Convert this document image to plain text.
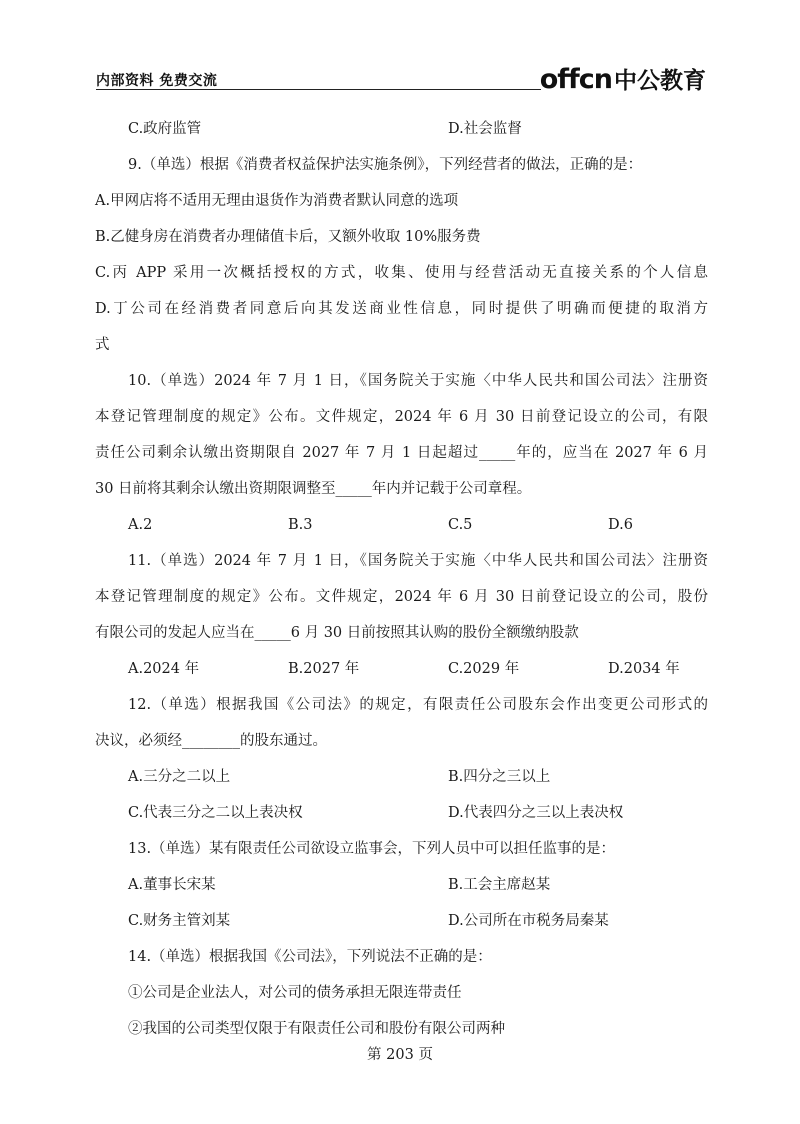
内部资料 免费交流	offcn中公教育
C.政府监管	D.社会监督
9.（单选）根据《消费者权益保护法实施条例》，下列经营者的做法，正确的是：
A.甲网店将不适用无理由退货作为消费者默认同意的选项
B.乙健身房在消费者办理储值卡后，又额外收取 10%服务费
C.丙 APP 采用一次概括授权的方式，收集、使用与经营活动无直接关系的个人信息
D.丁公司在经消费者同意后向其发送商业性信息，同时提供了明确而便捷的取消方
式
10.（单选）2024 年 7 月 1 日，《国务院关于实施〈中华人民共和国公司法〉注册资
本登记管理制度的规定》公布。文件规定，2024 年 6 月 30 日前登记设立的公司，有限
责任公司剩余认缴出资期限自 2027 年 7 月 1 日起超过_____年的，应当在 2027 年 6 月
30 日前将其剩余认缴出资期限调整至_____年内并记载于公司章程。
A.2	B.3	C.5	D.6
11.（单选）2024 年 7 月 1 日，《国务院关于实施〈中华人民共和国公司法〉注册资
本登记管理制度的规定》公布。文件规定，2024 年 6 月 30 日前登记设立的公司，股份
有限公司的发起人应当在_____6 月 30 日前按照其认购的股份全额缴纳股款
A.2024 年	B.2027 年	C.2029 年	D.2034 年
12.（单选）根据我国《公司法》的规定，有限责任公司股东会作出变更公司形式的
决议，必须经________的股东通过。
A.三分之二以上	B.四分之三以上
C.代表三分之二以上表决权	D.代表四分之三以上表决权
13.（单选）某有限责任公司欲设立监事会，下列人员中可以担任监事的是：
A.董事长宋某	B.工会主席赵某
C.财务主管刘某	D.公司所在市税务局秦某
14.（单选）根据我国《公司法》，下列说法不正确的是：
①公司是企业法人，对公司的债务承担无限连带责任
②我国的公司类型仅限于有限责任公司和股份有限公司两种
第 203 页
